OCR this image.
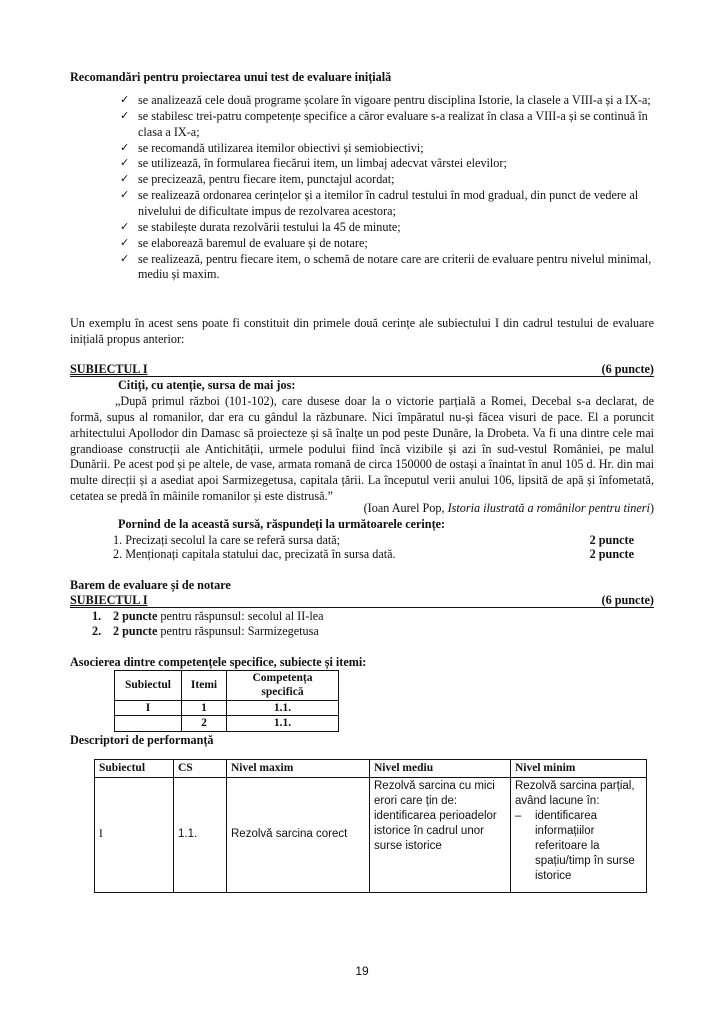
Recomandări pentru proiectarea unui test de evaluare inițială
✓ se analizează cele două programe școlare în vigoare pentru disciplina Istorie, la clasele a VIII-a și a IX-a;
✓ se stabilesc trei-patru competențe specifice a căror evaluare s-a realizat în clasa a VIII-a și se continuă în clasa a IX-a;
✓ se recomandă utilizarea itemilor obiectivi și semiobiectivi;
✓ se utilizează, în formularea fiecărui item, un limbaj adecvat vârstei elevilor;
✓ se precizează, pentru fiecare item, punctajul acordat;
✓ se realizează ordonarea cerințelor și a itemilor în cadrul testului în mod gradual, din punct de vedere al nivelului de dificultate impus de rezolvarea acestora;
✓ se stabilește durata rezolvării testului la 45 de minute;
✓ se elaborează baremul de evaluare și de notare;
✓ se realizează, pentru fiecare item, o schemă de notare care are criterii de evaluare pentru nivelul minimal, mediu și maxim.
Un exemplu în acest sens poate fi constituit din primele două cerințe ale subiectului I din cadrul testului de evaluare inițială propus anterior:
SUBIECTUL I	(6 puncte)
Citiți, cu atenție, sursa de mai jos:
„După primul război (101-102), care dusese doar la o victorie parțială a Romei, Decebal s-a declarat, de formă, supus al romanilor, dar era cu gândul la răzbunare. Nici împăratul nu-și făcea visuri de pace. El a poruncit arhitectului Apollodor din Damasc să proiecteze și să înalțe un pod peste Dunăre, la Drobeta. Va fi una dintre cele mai grandioase construcții ale Antichității, urmele podului fiind încă vizibile și azi în sud-vestul României, pe malul Dunării. Pe acest pod și pe altele, de vase, armata romană de circa 150000 de ostași a înaintat în anul 105 d. Hr. din mai multe direcții și a asediat apoi Sarmizegetusa, capitala țării. La începutul verii anului 106, lipsită de apă și înfometată, cetatea se predă în mâinile romanilor și este distrusă.”
(Ioan Aurel Pop, Istoria ilustrată a românilor pentru tineri)
Pornind de la această sursă, răspundeți la următoarele cerințe:
1. Precizați secolul la care se referă sursa dată;	2 puncte
2. Menționați capitala statului dac, precizată în sursa dată.	2 puncte
Barem de evaluare și de notare
SUBIECTUL I	(6 puncte)
1. 2 puncte pentru răspunsul: secolul al II-lea
2. 2 puncte pentru răspunsul: Sarmizegetusa
Asocierea dintre competențele specifice, subiecte și itemi:
Subiectul	Itemi	Competența specifică
I	1	1.1.
	2	1.1.
Descriptori de performanță
Subiectul	CS	Nivel maxim	Nivel mediu	Nivel minim
I	1.1.	Rezolvă sarcina corect	Rezolvă sarcina cu mici erori care țin de: identificarea perioadelor istorice în cadrul unor surse istorice	Rezolvă sarcina parțial, având lacune în:
– identificarea informațiilor referitoare la spațiu/timp în surse istorice
19
